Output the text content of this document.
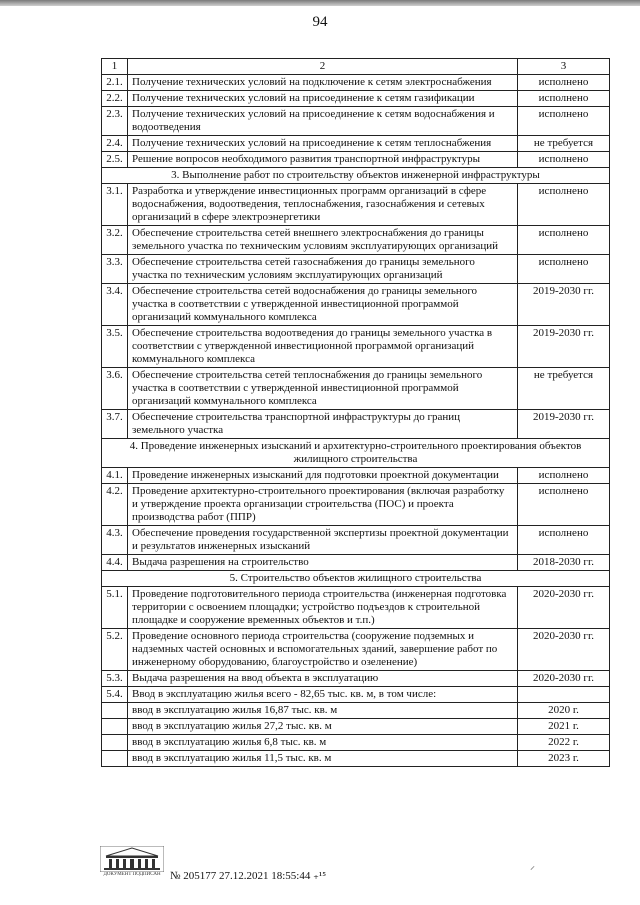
94
1	2	3
2.1.	Получение технических условий на подключение к сетям электроснабжения	исполнено
2.2.	Получение технических условий на присоединение к сетям газификации	исполнено
2.3.	Получение технических условий на присоединение к сетям водоснабжения и водоотведения	исполнено
2.4.	Получение технических условий на присоединение к сетям теплоснабжения	не требуется
2.5.	Решение вопросов необходимого развития транспортной инфраструктуры	исполнено
3. Выполнение работ по строительству объектов инженерной инфраструктуры		
3.1.	Разработка и утверждение инвестиционных программ организаций в сфере водоснабжения, водоотведения, теплоснабжения, газоснабжения и сетевых организаций в сфере электроэнергетики	исполнено
3.2.	Обеспечение строительства сетей внешнего электроснабжения до границы земельного участка по техническим условиям эксплуатирующих организаций	исполнено
3.3.	Обеспечение строительства сетей газоснабжения до границы земельного участка по техническим условиям эксплуатирующих организаций	исполнено
3.4.	Обеспечение строительства сетей водоснабжения до границы земельного участка в соответствии с утвержденной инвестиционной программой организаций коммунального комплекса	2019-2030 гг.
3.5.	Обеспечение строительства водоотведения до границы земельного участка в соответствии с утвержденной инвестиционной программой организаций коммунального комплекса	2019-2030 гг.
3.6.	Обеспечение строительства сетей теплоснабжения до границы земельного участка в соответствии с утвержденной инвестиционной программой организаций коммунального комплекса	не требуется
3.7.	Обеспечение строительства транспортной инфраструктуры до границ земельного участка	2019-2030 гг.
4. Проведение инженерных изысканий и архитектурно-строительного проектирования объектов жилищного строительства		
4.1.	Проведение инженерных изысканий для подготовки проектной документации	исполнено
4.2.	Проведение архитектурно-строительного проектирования (включая разработку и утверждение проекта организации строительства (ПОС) и проекта производства работ (ППР)	исполнено
4.3.	Обеспечение проведения государственной экспертизы проектной документации и результатов инженерных изысканий	исполнено
4.4.	Выдача разрешения на строительство	2018-2030 гг.
5. Строительство объектов жилищного строительства		
5.1.	Проведение подготовительного периода строительства (инженерная подготовка территории с освоением площадки; устройство подъездов к строительной площадке и сооружение временных объектов и т.п.)	2020-2030 гг.
5.2.	Проведение основного периода строительства (сооружение подземных и надземных частей основных и вспомогательных зданий, завершение работ по инженерному оборудованию, благоустройство и озеленение)	2020-2030 гг.
5.3.	Выдача разрешения на ввод объекта в эксплуатацию	2020-2030 гг.
5.4.	Ввод в эксплуатацию жилья всего - 82,65 тыс. кв. м, в том числе:	
	ввод в эксплуатацию жилья 16,87 тыс. кв. м	2020 г.
	ввод в эксплуатацию жилья 27,2 тыс. кв. м	2021 г.
	ввод в эксплуатацию жилья 6,8 тыс. кв. м	2022 г.
	ввод в эксплуатацию жилья 11,5 тыс. кв. м	2023 г.
ДОКУМЕНТ ПОДПИСАН № 205177 27.12.2021 18:55:44 ₊¹⁵
⸝
